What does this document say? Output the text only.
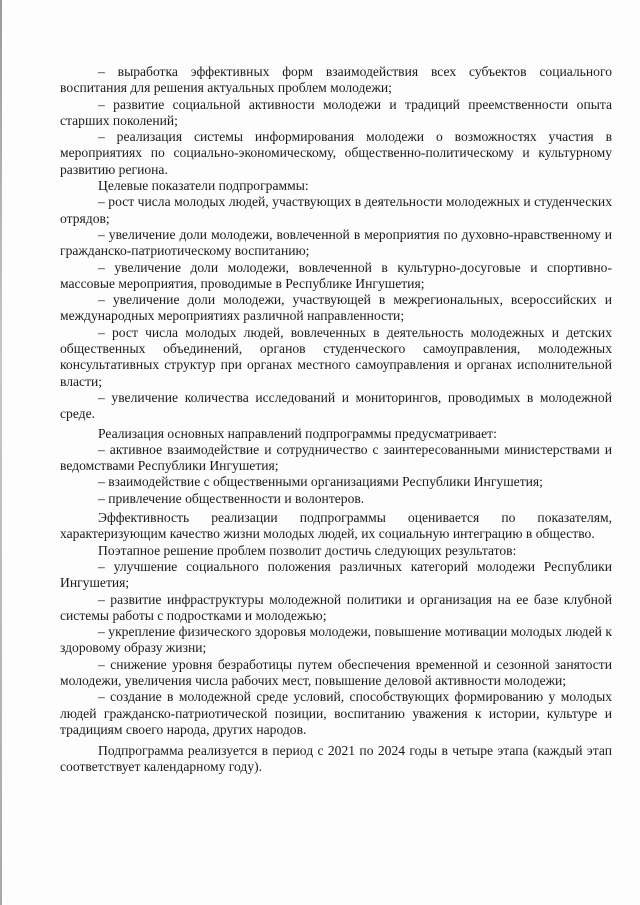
– выработка эффективных форм взаимодействия всех субъектов социального воспитания для решения актуальных проблем молодежи;

– развитие социальной активности молодежи и традиций преемственности опыта старших поколений;

– реализация системы информирования молодежи о возможностях участия в мероприятиях по социально-экономическому, общественно-политическому и культурному развитию региона.

Целевые показатели подпрограммы:

– рост числа молодых людей, участвующих в деятельности молодежных и студенческих отрядов;

– увеличение доли молодежи, вовлеченной в мероприятия по духовно-нравственному и гражданско-патриотическому воспитанию;

– увеличение доли молодежи, вовлеченной в культурно-досуговые и спортивно-массовые мероприятия, проводимые в Республике Ингушетия;

– увеличение доли молодежи, участвующей в межрегиональных, всероссийских и международных мероприятиях различной направленности;

– рост числа молодых людей, вовлеченных в деятельность молодежных и детских общественных объединений, органов студенческого самоуправления, молодежных консультативных структур при органах местного самоуправления и органах исполнительной власти;

– увеличение количества исследований и мониторингов, проводимых в молодежной среде.

Реализация основных направлений подпрограммы предусматривает:

– активное взаимодействие и сотрудничество с заинтересованными министерствами и ведомствами Республики Ингушетия;

– взаимодействие с общественными организациями Республики Ингушетия;

– привлечение общественности и волонтеров.

Эффективность реализации подпрограммы оценивается по показателям, характеризующим качество жизни молодых людей, их социальную интеграцию в общество.

Поэтапное решение проблем позволит достичь следующих результатов:

– улучшение социального положения различных категорий молодежи Республики Ингушетия;

– развитие инфраструктуры молодежной политики и организация на ее базе клубной системы работы с подростками и молодежью;

– укрепление физического здоровья молодежи, повышение мотивации молодых людей к здоровому образу жизни;

– снижение уровня безработицы путем обеспечения временной и сезонной занятости молодежи, увеличения числа рабочих мест, повышение деловой активности молодежи;

– создание в молодежной среде условий, способствующих формированию у молодых людей гражданско-патриотической позиции, воспитанию уважения к истории, культуре и традициям своего народа, других народов.

Подпрограмма реализуется в период с 2021 по 2024 годы в четыре этапа (каждый этап соответствует календарному году).
